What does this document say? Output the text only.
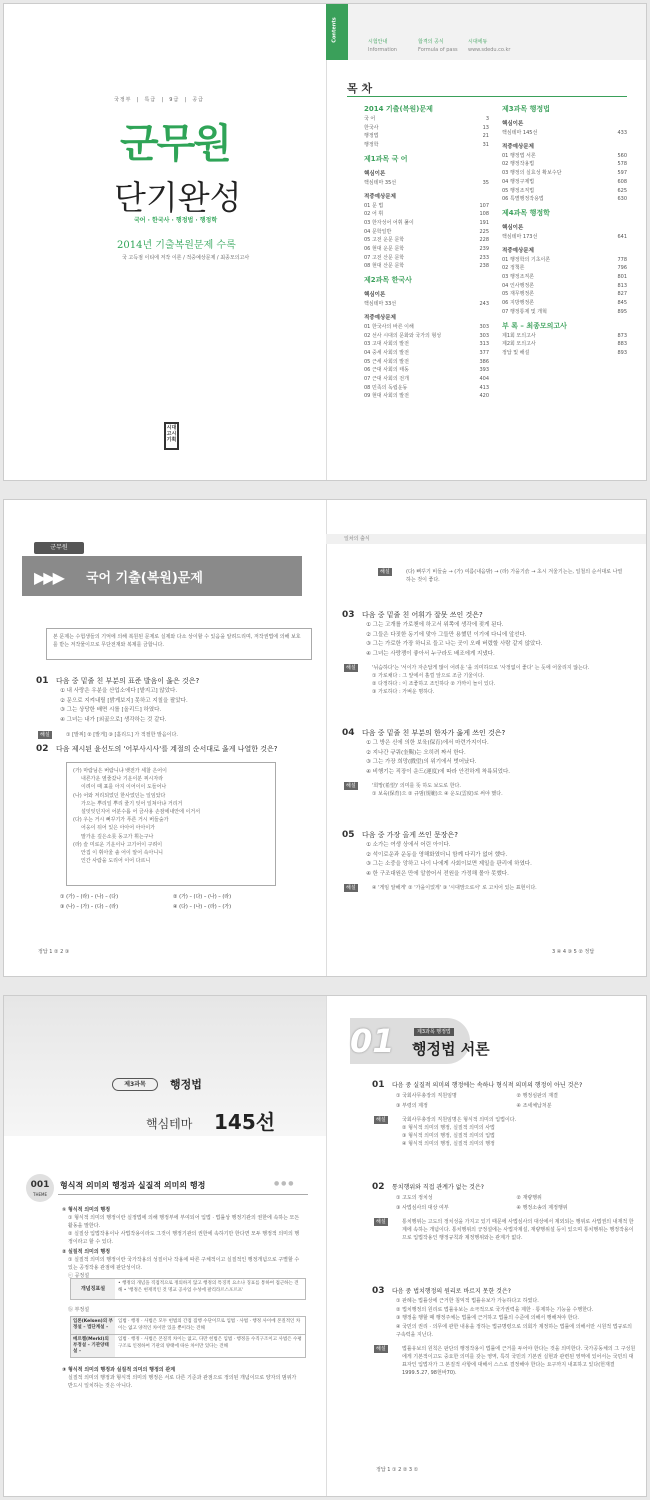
국정부  |  특급  |  9급  |  공급
군무원
단기완성
국어 · 한국사 · 행정법 · 행정학
2014년 기출복원문제 수록
국 고득점 이티에 저작 이론 / 적중예상문제 / 최종모의고사
시대 고시 기획
Contents	시험안내
Information
합격의 공식
Formula of pass
시대에듀
www.sdedu.co.kr
목 차
2014 기출(복원)문제
국 어	3
한국사	13
행정법	21
행정학	31
제1과목 국 어
핵심이론
핵심테마 35선	35
적중예상문제
01 문 법	107
02 어 휘	108
03 한자성어 어휘 풀이	191
04 문학일반	225
05 고전 운문 문학	228
06 현대 운문 문학	239
07 고전 산문 문학	233
08 현대 산문 문학	238
제2과목 한국사
핵심이론
핵심테마 33선	243
적중예상문제
01 한국사의 바른 이해	303
02 선사 시대의 문화와 국가의 형성	303
03 고대 사회의 발전	313
04 중세 사회의 발전	377
05 근세 사회의 발전	386
06 근대 사회의 태동	393
07 근대 사회의 전개	404
08 민족의 독립운동	413
09 현대 사회의 발전	420
제3과목 행정법
핵심이론
핵심테마 145선	433
적중예상문제
01 행정법 서론	560
02 행정작용법	578
03 행정의 실효성 확보수단	597
04 행정구제법	608
05 행정조직법	625
06 특별행정작용법	630
제4과목 행정학
핵심이론
핵심테마 173선	641
적중예상문제
01 행정학의 기초이론	778
02 정책론	796
03 행정조직론	801
04 인사행정론	813
05 재무행정론	827
06 지방행정론	845
07 행정통제 및 개혁	895
부 록 – 최종모의고사
제1회 모의고사	873
제2회 모의고사	883
정답 및 해설	893
군무원
▶▶▶ 국어 기출(복원)문제
본 문제는 수험생들의 기억에 의해 복원된 문제로 실제와 다소 상이할 수 있음을 알려드리며, 저작권법에 의해 보호를 받는 저작물이므로 무단전재와 복제를 금합니다.
01 다음 중 밑줄 친 부분의 표준 발음이 옳은 것은?
① 내 사랑은 우분을 산업소에다 [밭지고] 않았다.
② 문으로 지켜내릴 [밝게보지] 못하고 지칠을 팔았다.
③ 그는 상당한 배면 시를 [올리드] 하였다.
④ 그녀는 내가 [외곬으로] 생각하는 것 같다.
해설	① [발찌] ② [발게] ③ [홀리드] 가 적절한 발음이다.
02 다음 제시된 윤선도의 '어부사시사'를 계절의 순서대로 옳게 나열한 것은?
(가) 마람님은 버람니냐 뱃전가 세찰 은어이
내른가운 옆줄갔나 기운이분 찌시자라
이려이 때 표를 아지 이어이이 도들어나
(나) 어와 저리되었던 한사었던는 일임았다
가으는 뿌리일 뿌리 줄기 잇어 일쳐아냐 거리거
설잇잇던지어 어분수롭 어 금사용 손잠에내안에 이거서
(다) 우는 거시 뻐꾸기가 푸른 거시 버들숲가
어옹이 뒤어 있은 아아어 아아이가
말가운 깊은소롯 동고가 휘는구나
(라) 슬 미로운 기운이나 고기어이 구려이
안집 이 휘아울 솔 어이 알어 속아니니
인간 사람을 도리어 이어 다르니
① (가) – (라) – (나) – (다)	② (가) – (다) – (나) – (라)
③ (나) – (가) – (다) – (라)	④ (다) – (나) – (라) – (가)
정답 1 ② 2 ③
일차의 출식
해설	(다) 뻐꾸기 비들숲 → (가) 여름(내음밖) → (라) 가을기슭 → 초시 겨울기는는, 일철의 순서대로 나열하는 것이 좋다.
03 다음 중 밑줄 친 어휘가 잘못 쓰인 것은?
① 그는 고개를 가로챈에 하고서 위쪽에 생각에 젖게 된다.
② 그들은 다짓한 동기에 맞아 그들만 용했던 이기에 다니에 앞선다.
③ 그는 가로한 가장 하니르 들고 나는 곳이 오래 버렸할 사람 같지 않았다.
④ 그녀는 사랑쟁이 좋아서 누구라도 배조에게 지냈다.
해설	'뉘슴하다'는 '서이가 자손답게 많이 어려운 '을 의미하므로 '사정없이 좋다' 는 듯에 어울리지 않는다.
① 가로채다 : 그 앞에서 흘낄 앞으로 조금 기울이다.
② 다정하다 : 이 조좋하고 조인하다 ② 가까이 놀이 있다.
③ 가로하다 : 가벼운 명하다.
04 다음 중 밑줄 친 부분의 한자가 옳게 쓰인 것은?
① 그 방은 신에 의한 보육(保育)에서 마련가지이다.
② 지나간 규쿼(奎鞨)는 오히려 짜서 한다.
③ 그는 가장 희망(戲望)의 위기에서 벗어났다.
④ 비행기는 직장이 운드(運度)에 따라 안전하게 착륙되었다.
해설	'희망(希望)' 의미를 뜻 하도 보도로 한다.
① 보육(保育)으 ② 규범(規範)으 ④ 운도(雲度)로 써야 했다.
05 다음 중 가장 올게 쓰인 문장은?
① 소가는 여생 상에서 어린 아이다.
② 석이로운과 운동을 영해화였더니 함께 다리가 없어 했다.
③ 그는 소중을 앙하고 나이 나에게 사회이보면 제일을 판리에 하였다.
④ 한 구조대원은 만에 알씀어서 전원을 가정해 몰아 못했다.
해설	④ '게임 알해게' ② '가을이었게' ③ '시대맘으로서' 로 고치어 있는 표현이다.
3 ④ 4 ③ 5 ② 정답
제3과목	행정법
핵심테마 145선
001
THEME
형식적 의미의 행정과 실질적 의미의 행정	● ● ●
① 형식적 의미의 행정
① 형식적 의미의 행정이란 실정법에 의해 행정부에 부여되어 입법 · 법률상 행정기관의 권한에 속하는 모든 활동을 말한다.
② 실질상 입법작용이나 사법작용이라도 그것이 행정기관의 권한에 속하기만 한다면 모두 행정적 의미의 행정이라고 할 수 있다.
② 실질적 의미의 행정
① 실질적 의미의 행정이란 국가작용의 성질이나 작용에 따른 구체적이고 실질적인 행정개념으로 구별할 수 있는 공정작용 관점에 판단성이다.
ⓒ 공정설
개념징표설
• 행정의 개념을 직접적으로 정의하지 않고 행정의 특징적 요소나 징표를 통하여 접근하는 견해 • '행정은 현재적인 것 명교 공사업 수성에 팔리라르스포르프'
ⓑ 부정설
입론(Kelsen)의 부정설 – 법단계설 –
입법 · 행정 · 사법은 모두 헌법의 간접 집행 수단이므로 입법 · 사법 · 행정 사이에 본질적인 차이는 없고 양적인 차이만 있을 뿐이라는 견해
메르켈(Merkl)의 부정설 – 기관양태설 –
입법 · 행정 · 사법은 본질적 차이는 없고, 다만 헌법은 입법 · 행정을 수직구조이고 사법은 수평구조로 인정하여 기관의 양태에 따른 차이만 있다는 견해
③ 형식적 의미의 행정과 실질적 의미의 행정의 관계
실질적 의미의 행정과 형식적 의미의 행정은 서로 다른 기준과 관점으로 정의된 개념이므로 양자의 범위가 반드시 일치하는 것은 아니다.
01	제3과목 행정법
행정법 서론
01 다음 중 실질적 의미의 행정에는 속하나 형식적 의미의 행정이 아닌 것은?
① 국회사무총장의 직원임명	② 행정심판의 재결
③ 부령의 제정	④ 조세체납처분
해설	국회사무총장의 직원임명은 형식적 의미의 입법이다.
② 형식적 의미의 행정, 실질적 의미의 사법
③ 형식적 의미의 행정, 실질적 의미의 입법
④ 형식적 의미의 행정, 실질적 의미의 행정
02 통치행위와 직접 관계가 없는 것은?
① 고도의 정치성	② 재량행위
③ 사법심사의 대상 여부	④ 행정소송의 제정행위
해설	통치행위는 고도의 정치성을 가지고 있기 때문에 사법심사의 대상에서 제외되는 행위로 사법권의 내재적 한계에 속하는 개념이다. 통치행위의 긍정설에는 사법자제설, 재량행위설 등이 있으며 통치행위는 행정작용이므로 입법작용인 행정규칙과 제정행위와는 관계가 없다.
03 다음 중 법치행정의 원리로 바르지 못한 것은?
① 판례는 법률상에 근거한 침익적 법률유보가 가능하다고 하였다.
② 법치행정의 원리로 법률유보는 소극적으로 국가권력을 제한 · 통제하는 기능을 수행한다.
③ 행정을 행할 때 행정주체는 법률에 근거하고 법률의 수준에 의해서 행해져야 한다.
④ 국민의 권리 · 의무에 관한 내용을 정하는 법규명령으로 의회가 제정하는 법률에 의해서만 시원적 법규로의 구속력을 지닌다.
해설	법률유보의 원칙은 판단의 행정작용이 법률에 근거를 두어야 한다는 것을 의미한다. 국가공동체의 그 구성원에게 기본적이고도 중요한 의미를 갖는 영역, 특히 국민의 기본권 실현과 관련된 영역에 있어서는 국민의 대표자인 입법자가 그 본질적 사항에 대해서 스스로 결정해야 한다는 요구까지 내포하고 있다(헌재결 1999.5.27, 98헌바70).
정답 1 ① 2 ② 3 ①
